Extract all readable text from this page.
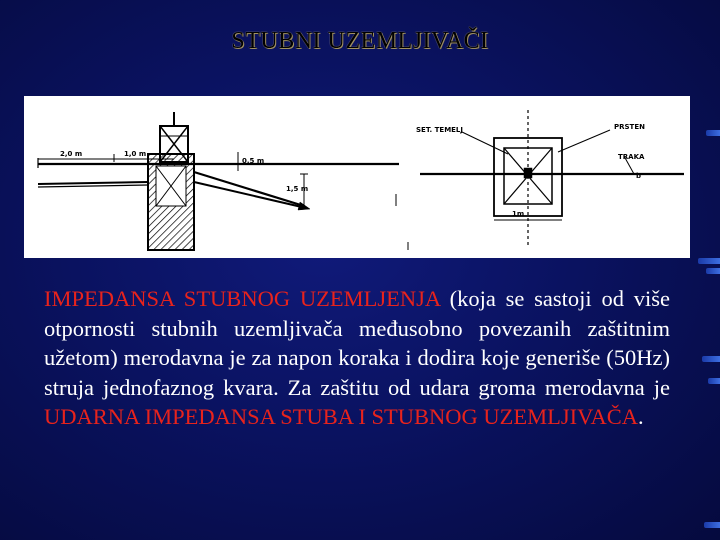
STUBNI UZEMLJIVAČI
2,0 m	1,0 m
0,5 m
1,5 m
SET. TEMELJ	PRSTEN
TRAKA
b
1m
IMPEDANSA STUBNOG UZEMLJENJA (koja se sastoji od više otpornosti stubnih uzemljivača međusobno povezanih zaštitnim užetom) merodavna je za napon koraka i dodira koje generiše (50Hz) struja jednofaznog kvara. Za zaštitu od udara groma merodavna je UDARNA IMPEDANSA STUBA I STUBNOG UZEMLJIVAČA.
